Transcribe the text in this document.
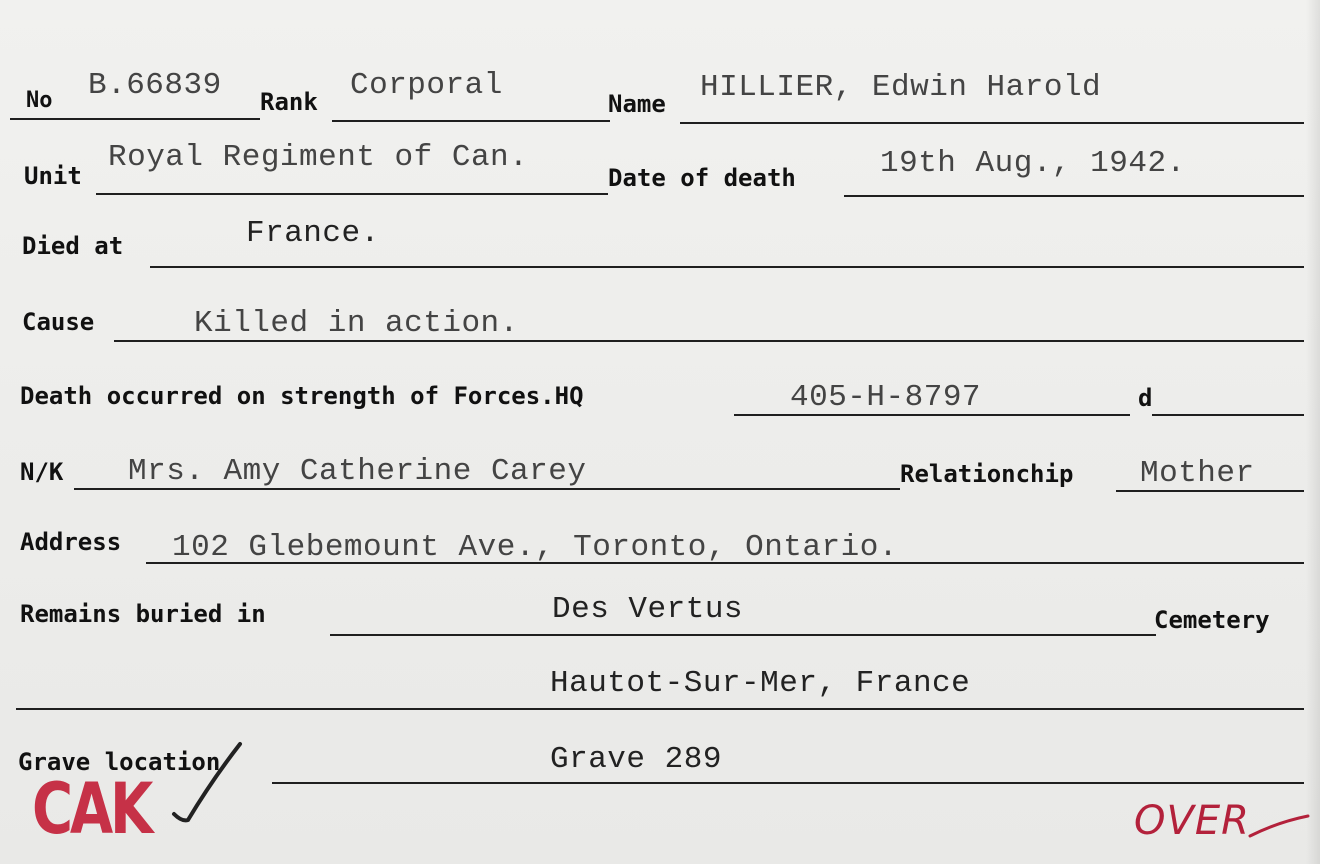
No B.66839 Rank Corporal
Name HILLIER, Edwin Harold
Unit
Royal Regiment of Can.
Date of death	19th Aug., 1942.
Died at	France.
Cause	Killed in action.
Death occurred on strength of Forces.HQ	405-H-8797	d
N/K Mrs. Amy Catherine Carey	Relationchip Mother
Address 102 Glebemount Ave., Toronto, Ontario.
Remains buried in	Des Vertus	Cemetery
Hautot-Sur-Mer, France
Grave location	Grave 289
CAK	OVER
